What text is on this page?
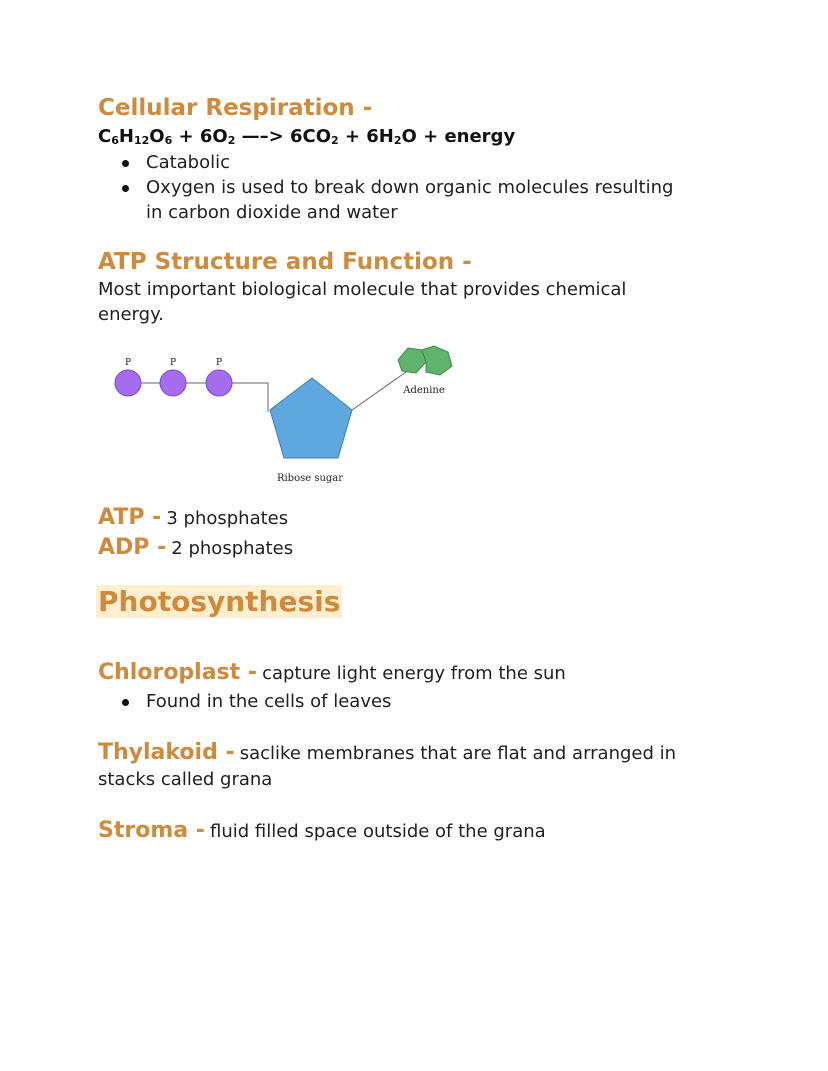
Cellular Respiration -
$C_6H_{12}O_6 + 6O_2$ —–> $6CO_2 + 6H_2O$ + energy
Catabolic
Oxygen is used to break down organic molecules resulting
in carbon dioxide and water
ATP Structure and Function -
Most important biological molecule that provides chemical
energy.
P	P	P
Ribose sugar
Adenine
ATP - 3 phosphates
ADP - 2 phosphates
Photosynthesis
Chloroplast - capture light energy from the sun
Found in the cells of leaves
Thylakoid - saclike membranes that are flat and arranged in
stacks called grana
Stroma - fluid filled space outside of the grana
